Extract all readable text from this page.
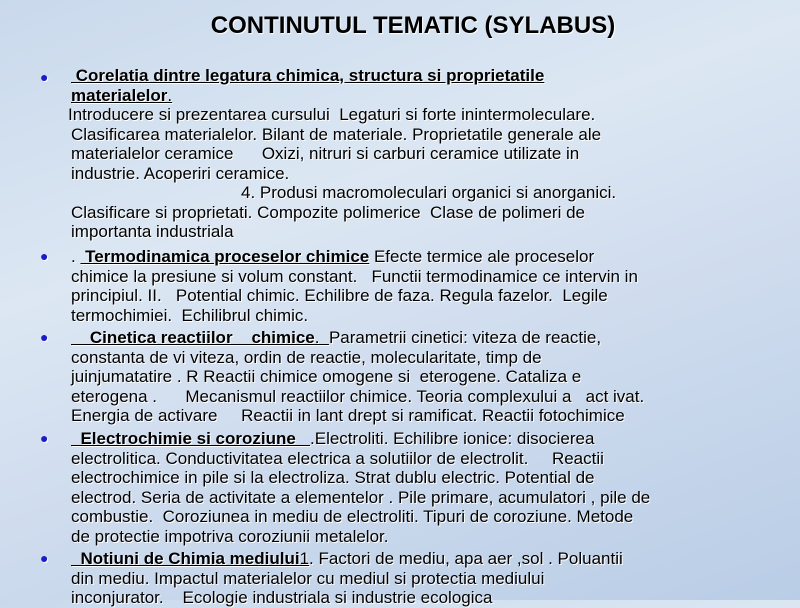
CONTINUTUL TEMATIC (SYLABUS)
● Corelatia dintre legatura chimica, structura si proprietatile
materialelor.
Introducere si prezentarea cursului  Legaturi si forte inintermoleculare.
Clasificarea materialelor. Bilant de materiale. Proprietatile generale ale
materialelor ceramice      Oxizi, nitruri si carburi ceramice utilizate in
industrie. Acoperiri ceramice.
4. Produsi macromoleculari organici si anorganici.
Clasificare si proprietati. Compozite polimerice  Clase de polimeri de
importanta industriala
● .  Termodinamica proceselor chimice Efecte termice ale proceselor
chimice la presiune si volum constant.   Functii termodinamice ce intervin in
principiul. II.   Potential chimic. Echilibre de faza. Regula fazelor.  Legile
termochimiei.  Echilibrul chimic.
● Cinetica reactiilor    chimice.  Parametrii cinetici: viteza de reactie,
constanta de vi viteza, ordin de reactie, molecularitate, timp de
juinjumatatire . R Reactii chimice omogene si  eterogene. Cataliza e
eterogena .      Mecanismul reactiilor chimice. Teoria complexului a   act ivat.
Energia de activare     Reactii in lant drept si ramificat. Reactii fotochimice
● Electrochimie si coroziune   .Electroliti. Echilibre ionice: disocierea
electrolitica. Conductivitatea electrica a solutiilor de electrolit.     Reactii
electrochimice in pile si la electroliza. Strat dublu electric. Potential de
electrod. Seria de activitate a elementelor . Pile primare, acumulatori , pile de
combustie.  Coroziunea in mediu de electroliti. Tipuri de coroziune. Metode
de protectie impotriva coroziunii metalelor.
● Notiuni de Chimia mediului1. Factori de mediu, apa aer ,sol . Poluantii
din mediu. Impactul materialelor cu mediul si protectia mediului
inconjurator.    Ecologie industriala si industrie ecologica
